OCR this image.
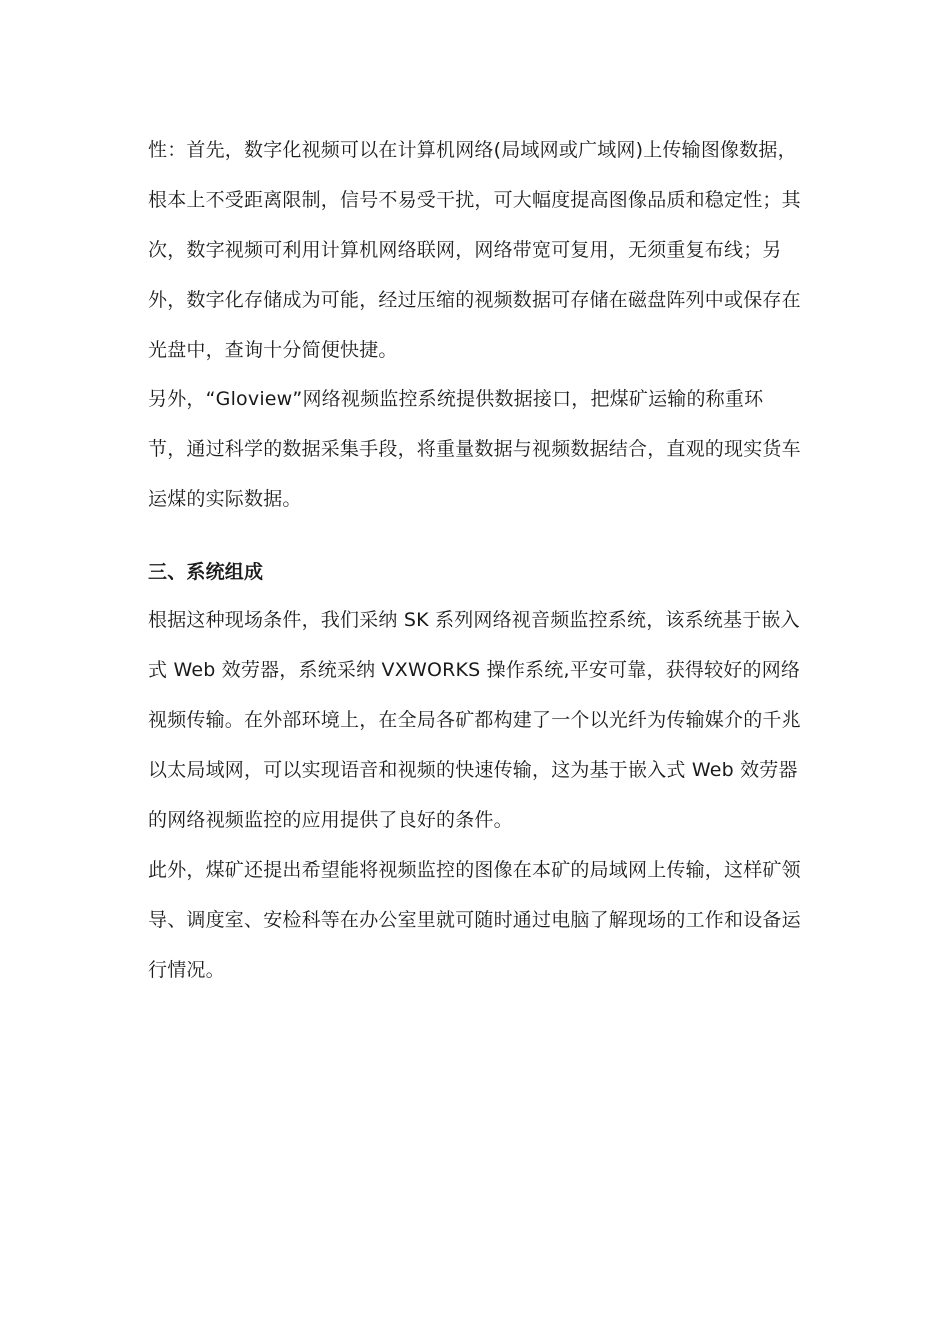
性：首先，数字化视频可以在计算机网络(局域网或广域网)上传输图像数据，
根本上不受距离限制，信号不易受干扰，可大幅度提高图像品质和稳定性；其
次，数字视频可利用计算机网络联网，网络带宽可复用，无须重复布线；另
外，数字化存储成为可能，经过压缩的视频数据可存储在磁盘阵列中或保存在
光盘中，查询十分简便快捷。
另外，“Gloview”网络视频监控系统提供数据接口，把煤矿运输的称重环
节，通过科学的数据采集手段，将重量数据与视频数据结合，直观的现实货车
运煤的实际数据。
三、系统组成
根据这种现场条件，我们采纳 SK 系列网络视音频监控系统，该系统基于嵌入
式 Web 效劳器，系统采纳 VXWORKS 操作系统,平安可靠，获得较好的网络
视频传输。在外部环境上，在全局各矿都构建了一个以光纤为传输媒介的千兆
以太局域网，可以实现语音和视频的快速传输，这为基于嵌入式 Web 效劳器
的网络视频监控的应用提供了良好的条件。
此外，煤矿还提出希望能将视频监控的图像在本矿的局域网上传输，这样矿领
导、调度室、安检科等在办公室里就可随时通过电脑了解现场的工作和设备运
行情况。
